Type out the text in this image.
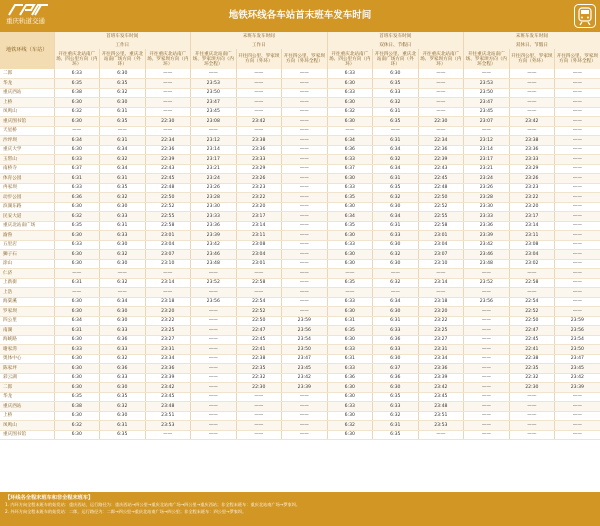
重庆轨道交通	地铁环线各车站首末班车发车时间
地铁环线（车站）	首班车发车时间			末班车发车时间			首班车发车时间			末班车发车时间		
	工作日			工作日			双休日、节假日			双休日、节假日		
	开往重庆北站南广场、四公里方向（内环）	开往四公里、重庆北站南广场方向（外环）	开往重庆北站南广场、罗家坝方向（内环）	开往重庆北站南广场、罗家坝方向（内环全程）	开往四公里、罗家坝方向（外环）	开往四公里、罗家坝方向（外环全程）	开往重庆北站南广场、四公里方向（内环）	开往四公里、重庆北站南广场方向（外环）	开往重庆北站南广场、罗家坝方向（内环）	开往重庆北站南广场、罗家坝方向（内环全程）	开往四公里、罗家坝方向（外环）	开往四公里、罗家坝方向（外环全程）
二郎	6:33	6:30	——	——	——	——	6:33	6:30	——	——	——	——
华龙	6:35	6:35	——	23:53	——	——	6:30	6:35	——	23:53	——	——
重庆西站	6:38	6:32	——	23:50	——	——	6:33	6:33	——	23:50	——	——
上桥	6:30	6:30	——	23:47	——	——	6:30	6:32	——	23:47	——	——
凤鸣山	6:32	6:31	——	23:45	——	——	6:32	6:31	——	23:45	——	——
重庆图书馆	6:30	6:35	22:30	23:08	23:42	——	6:30	6:35	22:30	23:07	23:42	——
天星桥	——	——	——	——	——	——	——	——	——	——	——	——
沙坪坝	6:34	6:31	22:34	23:12	23:38	——	6:34	6:31	22:34	23:12	23:38	——
重庆大学	6:30	6:34	22:36	23:14	23:36	——	6:36	6:34	22:36	23:14	23:36	——
玉带山	6:33	6:32	22:39	23:17	23:33	——	6:33	6:32	22:39	23:17	23:33	——
南桥寺	6:37	6:34	22:43	23:21	23:29	——	6:37	6:34	22:43	23:21	23:29	——
体育公园	6:31	6:31	22:45	23:24	23:26	——	6:30	6:31	22:45	23:24	23:26	——
冉家坝	6:33	6:35	22:48	23:26	23:23	——	6:33	6:35	22:48	23:26	23:23	——
动步公园	6:36	6:32	22:50	23:28	23:22	——	6:35	6:32	22:50	23:28	23:22	——
滨湖东路	6:30	6:30	22:52	23:30	23:20	——	6:30	6:30	22:52	23:30	23:20	——
民安大道	6:32	6:33	22:55	23:33	23:17	——	6:34	6:34	22:55	23:33	23:17	——
重庆北站南广场	6:35	6:31	22:58	23:36	23:14	——	6:35	6:31	22:58	23:36	23:14	——
渝鲁	6:30	6:33	23:01	23:39	23:11	——	6:30	6:33	23:01	23:39	23:11	——
五里店	6:33	6:30	23:04	23:42	23:08	——	6:33	6:30	23:04	23:42	23:08	——
狮子石	6:30	6:32	23:07	23:46	23:04	——	6:30	6:32	23:07	23:46	23:04	——
涂山	6:30	6:30	23:10	23:48	23:01	——	6:30	6:30	23:10	23:48	23:02	——
仁济	——	——	——	——	——	——	——	——	——	——	——	——
上新街	6:31	6:32	23:14	23:52	22:58	——	6:35	6:32	23:14	23:52	22:58	——
上浩	——	——	——	——	——	——	——	——	——	——	——	——
海棠溪	6:30	6:34	23:18	23:56	22:54	——	6:33	6:34	23:18	23:56	22:54	——
罗家坝	6:30	6:30	23:20	——	22:52	——	6:30	6:30	23:20	——	22:52	——
四公里	6:34	6:30	23:22	——	22:50	23:59	6:31	6:31	23:22	——	22:50	23:59
南湖	6:31	6:33	23:25	——	22:47	23:56	6:35	6:33	23:25	——	22:47	23:56
海峡路	6:30	6:36	23:27	——	22:45	23:54	6:30	6:36	23:27	——	22:45	23:54
谢家湾	6:33	6:33	23:31	——	22:41	23:50	6:33	6:33	23:31	——	22:41	23:50
奥体中心	6:30	6:32	23:34	——	22:38	23:47	6:31	6:30	23:34	——	22:38	23:47
陈家坪	6:30	6:36	23:36	——	22:35	23:45	6:33	6:37	23:36	——	22:35	23:45
彩云湖	6:30	6:33	23:39	——	22:32	23:42	6:36	6:36	23:39	——	22:32	23:42
二郎	6:30	6:30	23:42	——	22:30	23:39	6:30	6:30	23:42	——	22:30	23:39
华龙	6:35	6:35	23:45	——	——	——	6:30	6:35	23:45	——	——	——
重庆西站	6:38	6:32	23:48	——	——	——	6:33	6:33	23:48	——	——	——
上桥	6:30	6:30	23:51	——	——	——	6:30	6:32	23:51	——	——	——
凤鸣山	6:32	6:31	23:53	——	——	——	6:32	6:31	23:53	——	——	——
重庆图书馆	6:30	6:35	——	——	——	——	6:30	6:35	——	——	——	——
【环线各全程末班车和非全程末班车】
1. 内环方向全程末班车的始发站：重庆西站，运行路径为：重庆西站→四公里→重庆北站南广场→四公里→重庆西站；非全程末班车：重庆北站南广场→罗家坝。
2. 外环方向全程末班车的始发站：二郎，运行路径为：二郎→四公里→重庆北站南广场→四公里；非全程末班车：四公里→罗家坝。
